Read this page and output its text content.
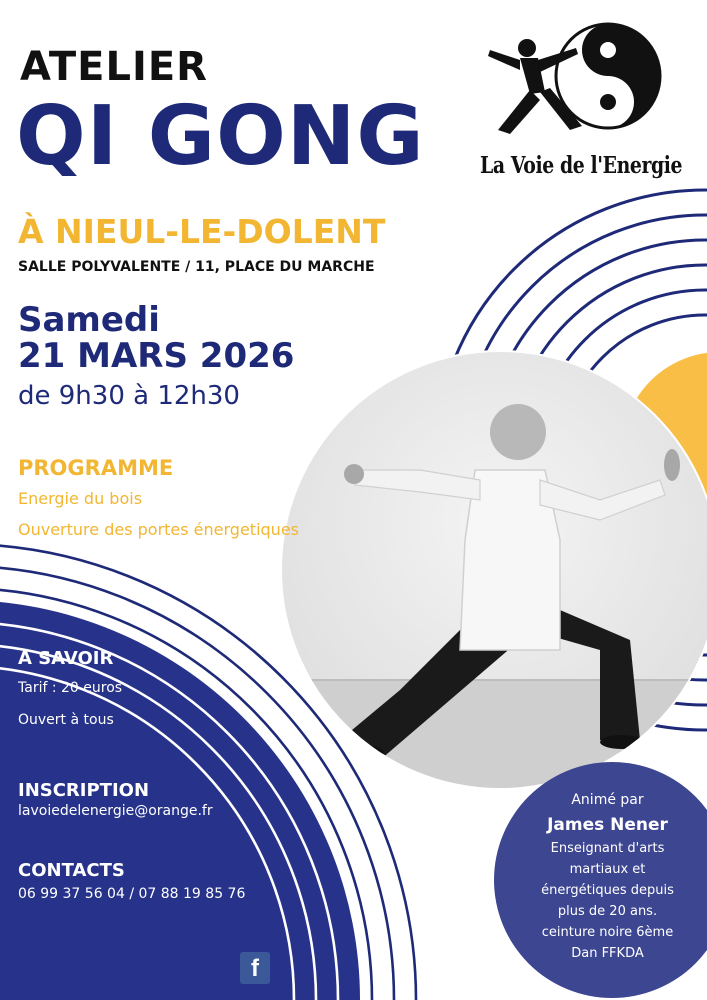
ATELIER
QI GONG
À NIEUL-LE-DOLENT
SALLE POLYVALENTE / 11, PLACE DU MARCHE
Samedi
21 MARS 2026
de 9h30 à 12h30
PROGRAMME
Energie du bois
Ouverture des portes énergetiques
La Voie de l'Energie
A SAVOIR
Tarif : 20 euros
Ouvert à tous
INSCRIPTION
lavoiedelenergie@orange.fr
CONTACTS
06 99 37 56 04 / 07 88 19 85 76
Animé par
James Nener
Enseignant d'arts
martiaux et
énergétiques depuis
plus de 20 ans.
ceinture noire 6ème
Dan FFKDA
f
